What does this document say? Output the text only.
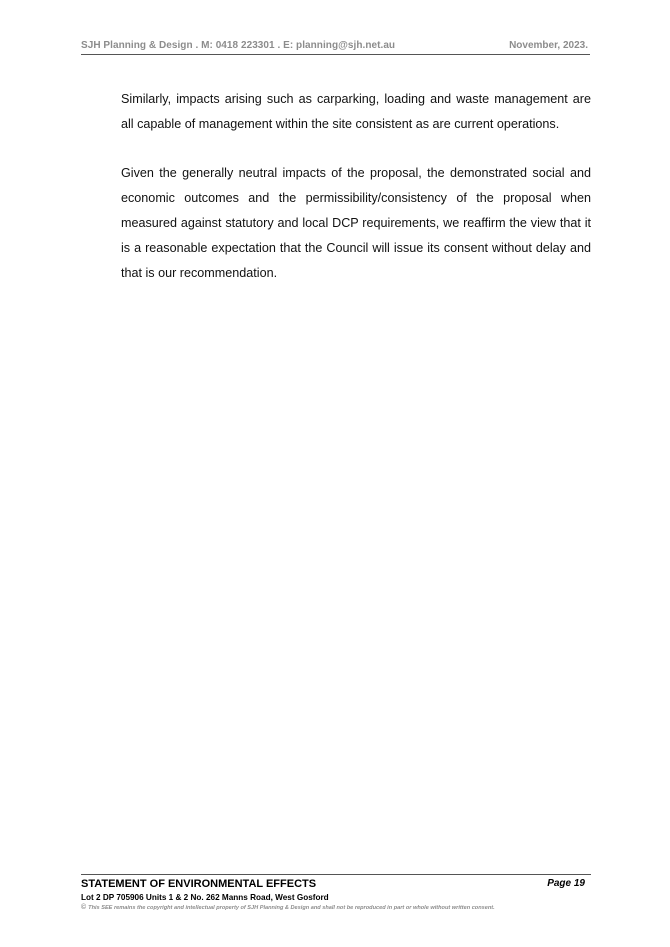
SJH Planning & Design . M: 0418 223301 . E: planning@sjh.net.au	November, 2023.

Similarly, impacts arising such as carparking, loading and waste management are all capable of management within the site consistent as are current operations.

Given the generally neutral impacts of the proposal, the demonstrated social and economic outcomes and the permissibility/consistency of the proposal when measured against statutory and local DCP requirements, we reaffirm the view that it is a reasonable expectation that the Council will issue its consent without delay and that is our recommendation.

STATEMENT OF ENVIRONMENTAL EFFECTS	Page 19
Lot 2 DP 705906 Units 1 & 2 No. 262 Manns Road, West Gosford
© This SEE remains the copyright and intellectual property of SJH Planning & Design and shall not be reproduced in part or whole without written consent.
